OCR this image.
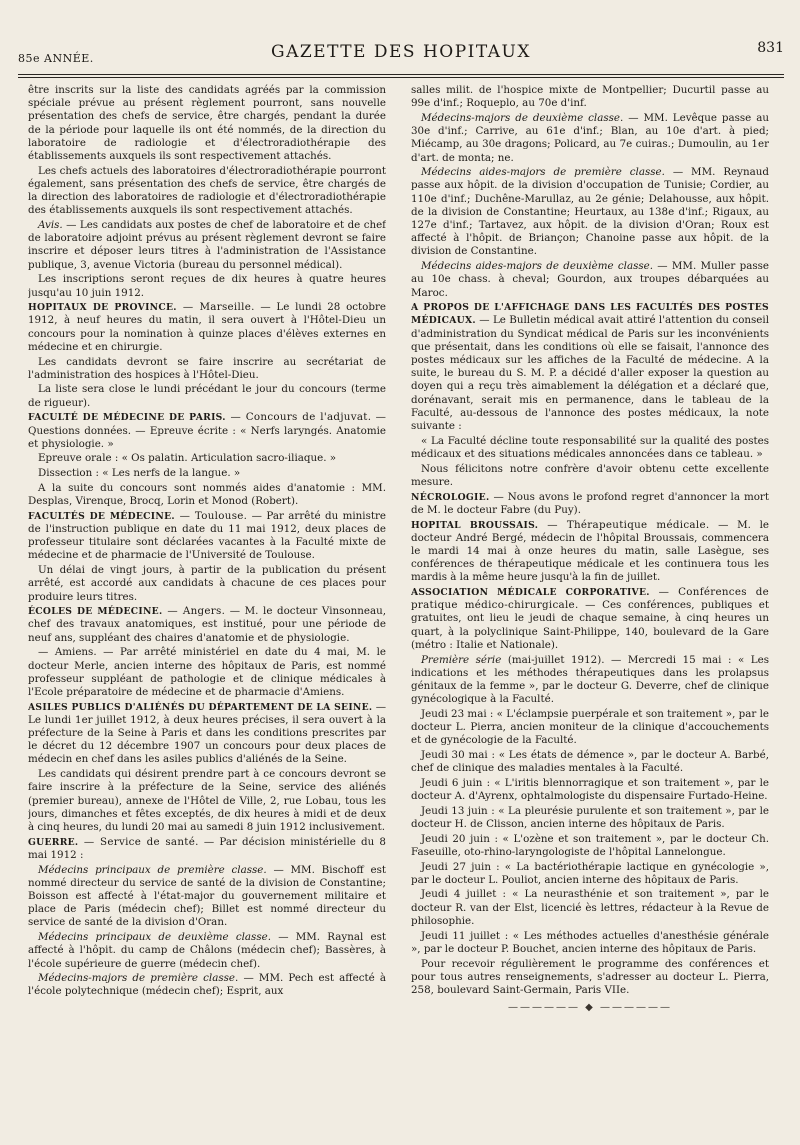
85e ANNÉE.	GAZETTE DES HOPITAUX	831

être inscrits sur la liste des candidats agréés par la commission spéciale prévue au présent règlement pourront, sans nouvelle présentation des chefs de service, être chargés, pendant la durée de la période pour laquelle ils ont été nommés, de la direction du laboratoire de radiologie et d'électroradiothérapie des établissements auxquels ils sont respectivement attachés.

Les chefs actuels des laboratoires d'électroradiothérapie pourront également, sans présentation des chefs de service, être chargés de la direction des laboratoires de radiologie et d'électroradiothérapie des établissements auxquels ils sont respectivement attachés.

Avis. — Les candidats aux postes de chef de laboratoire et de chef de laboratoire adjoint prévus au présent règlement devront se faire inscrire et déposer leurs titres à l'administration de l'Assistance publique, 3, avenue Victoria (bureau du personnel médical).

Les inscriptions seront reçues de dix heures à quatre heures jusqu'au 10 juin 1912.

HOPITAUX DE PROVINCE. — Marseille. — Le lundi 28 octobre 1912, à neuf heures du matin, il sera ouvert à l'Hôtel-Dieu un concours pour la nomination à quinze places d'élèves externes en médecine et en chirurgie.

Les candidats devront se faire inscrire au secrétariat de l'administration des hospices à l'Hôtel-Dieu.

La liste sera close le lundi précédant le jour du concours (terme de rigueur).

FACULTÉ DE MÉDECINE DE PARIS. — Concours de l'adjuvat. — Questions données. — Epreuve écrite : « Nerfs laryngés. Anatomie et physiologie. »

Epreuve orale : « Os palatin. Articulation sacro-iliaque. »

Dissection : « Les nerfs de la langue. »

A la suite du concours sont nommés aides d'anatomie : MM. Desplas, Virenque, Brocq, Lorin et Monod (Robert).

FACULTÉS DE MÉDECINE. — Toulouse. — Par arrêté du ministre de l'instruction publique en date du 11 mai 1912, deux places de professeur titulaire sont déclarées vacantes à la Faculté mixte de médecine et de pharmacie de l'Université de Toulouse.

Un délai de vingt jours, à partir de la publication du présent arrêté, est accordé aux candidats à chacune de ces places pour produire leurs titres.

ÉCOLES DE MÉDECINE. — Angers. — M. le docteur Vinsonneau, chef des travaux anatomiques, est institué, pour une période de neuf ans, suppléant des chaires d'anatomie et de physiologie.

— Amiens. — Par arrêté ministériel en date du 4 mai, M. le docteur Merle, ancien interne des hôpitaux de Paris, est nommé professeur suppléant de pathologie et de clinique médicales à l'Ecole préparatoire de médecine et de pharmacie d'Amiens.

ASILES PUBLICS D'ALIÉNÉS DU DÉPARTEMENT DE LA SEINE. — Le lundi 1er juillet 1912, à deux heures précises, il sera ouvert à la préfecture de la Seine à Paris et dans les conditions prescrites par le décret du 12 décembre 1907 un concours pour deux places de médecin en chef dans les asiles publics d'aliénés de la Seine.

Les candidats qui désirent prendre part à ce concours devront se faire inscrire à la préfecture de la Seine, service des aliénés (premier bureau), annexe de l'Hôtel de Ville, 2, rue Lobau, tous les jours, dimanches et fêtes exceptés, de dix heures à midi et de deux à cinq heures, du lundi 20 mai au samedi 8 juin 1912 inclusivement.

GUERRE. — Service de santé. — Par décision ministérielle du 8 mai 1912 :

Médecins principaux de première classe. — MM. Bischoff est nommé directeur du service de santé de la division de Constantine; Boisson est affecté à l'état-major du gouvernement militaire et place de Paris (médecin chef); Billet est nommé directeur du service de santé de la division d'Oran.

Médecins principaux de deuxième classe. — MM. Raynal est affecté à l'hôpit. du camp de Châlons (médecin chef); Bassères, à l'école supérieure de guerre (médecin chef).

Médecins-majors de première classe. — MM. Pech est affecté à l'école polytechnique (médecin chef); Esprit, aux

salles milit. de l'hospice mixte de Montpellier; Ducurtil passe au 99e d'inf.; Roqueplo, au 70e d'inf.

Médecins-majors de deuxième classe. — MM. Levêque passe au 30e d'inf.; Carrive, au 61e d'inf.; Blan, au 10e d'art. à pied; Miécamp, au 30e dragons; Policard, au 7e cuiras.; Dumoulin, au 1er d'art. de monta; ne.

Médecins aides-majors de première classe. — MM. Reynaud passe aux hôpit. de la division d'occupation de Tunisie; Cordier, au 110e d'inf.; Duchêne-Marullaz, au 2e génie; Delahousse, aux hôpit. de la division de Constantine; Heurtaux, au 138e d'inf.; Rigaux, au 127e d'inf.; Tartavez, aux hôpit. de la division d'Oran; Roux est affecté à l'hôpit. de Briançon; Chanoine passe aux hôpit. de la division de Constantine.

Médecins aides-majors de deuxième classe. — MM. Muller passe au 10e chass. à cheval; Gourdon, aux troupes débarquées au Maroc.

A PROPOS DE L'AFFICHAGE DANS LES FACULTÉS DES POSTES MÉDICAUX. — Le Bulletin médical avait attiré l'attention du conseil d'administration du Syndicat médical de Paris sur les inconvénients que présentait, dans les conditions où elle se faisait, l'annonce des postes médicaux sur les affiches de la Faculté de médecine. A la suite, le bureau du S. M. P. a décidé d'aller exposer la question au doyen qui a reçu très aimablement la délégation et a déclaré que, dorénavant, serait mis en permanence, dans le tableau de la Faculté, au-dessous de l'annonce des postes médicaux, la note suivante :

« La Faculté décline toute responsabilité sur la qualité des postes médicaux et des situations médicales annoncées dans ce tableau. »

Nous félicitons notre confrère d'avoir obtenu cette excellente mesure.

NÉCROLOGIE. — Nous avons le profond regret d'annoncer la mort de M. le docteur Fabre (du Puy).

HOPITAL BROUSSAIS. — Thérapeutique médicale. — M. le docteur André Bergé, médecin de l'hôpital Broussais, commencera le mardi 14 mai à onze heures du matin, salle Lasègue, ses conférences de thérapeutique médicale et les continuera tous les mardis à la même heure jusqu'à la fin de juillet.

ASSOCIATION MÉDICALE CORPORATIVE. — Conférences de pratique médico-chirurgicale. — Ces conférences, publiques et gratuites, ont lieu le jeudi de chaque semaine, à cinq heures un quart, à la polyclinique Saint-Philippe, 140, boulevard de la Gare (métro : Italie et Nationale).

Première série (mai-juillet 1912). — Mercredi 15 mai : « Les indications et les méthodes thérapeutiques dans les prolapsus génitaux de la femme », par le docteur G. Deverre, chef de clinique gynécologique à la Faculté.

Jeudi 23 mai : « L'éclampsie puerpérale et son traitement », par le docteur L. Pierra, ancien moniteur de la clinique d'accouchements et de gynécologie de la Faculté.

Jeudi 30 mai : « Les états de démence », par le docteur A. Barbé, chef de clinique des maladies mentales à la Faculté.

Jeudi 6 juin : « L'iritis blennorragique et son traitement », par le docteur A. d'Ayrenx, ophtalmologiste du dispensaire Furtado-Heine.

Jeudi 13 juin : « La pleurésie purulente et son traitement », par le docteur H. de Clisson, ancien interne des hôpitaux de Paris.

Jeudi 20 juin : « L'ozène et son traitement », par le docteur Ch. Faseuille, oto-rhino-laryngologiste de l'hôpital Lannelongue.

Jeudi 27 juin : « La bactériothérapie lactique en gynécologie », par le docteur L. Pouliot, ancien interne des hôpitaux de Paris.

Jeudi 4 juillet : « La neurasthénie et son traitement », par le docteur R. van der Elst, licencié ès lettres, rédacteur à la Revue de philosophie.

Jeudi 11 juillet : « Les méthodes actuelles d'anesthésie générale », par le docteur P. Bouchet, ancien interne des hôpitaux de Paris.

Pour recevoir régulièrement le programme des conférences et pour tous autres renseignements, s'adresser au docteur L. Pierra, 258, boulevard Saint-Germain, Paris VIIe.

—————— ◆ ——————
